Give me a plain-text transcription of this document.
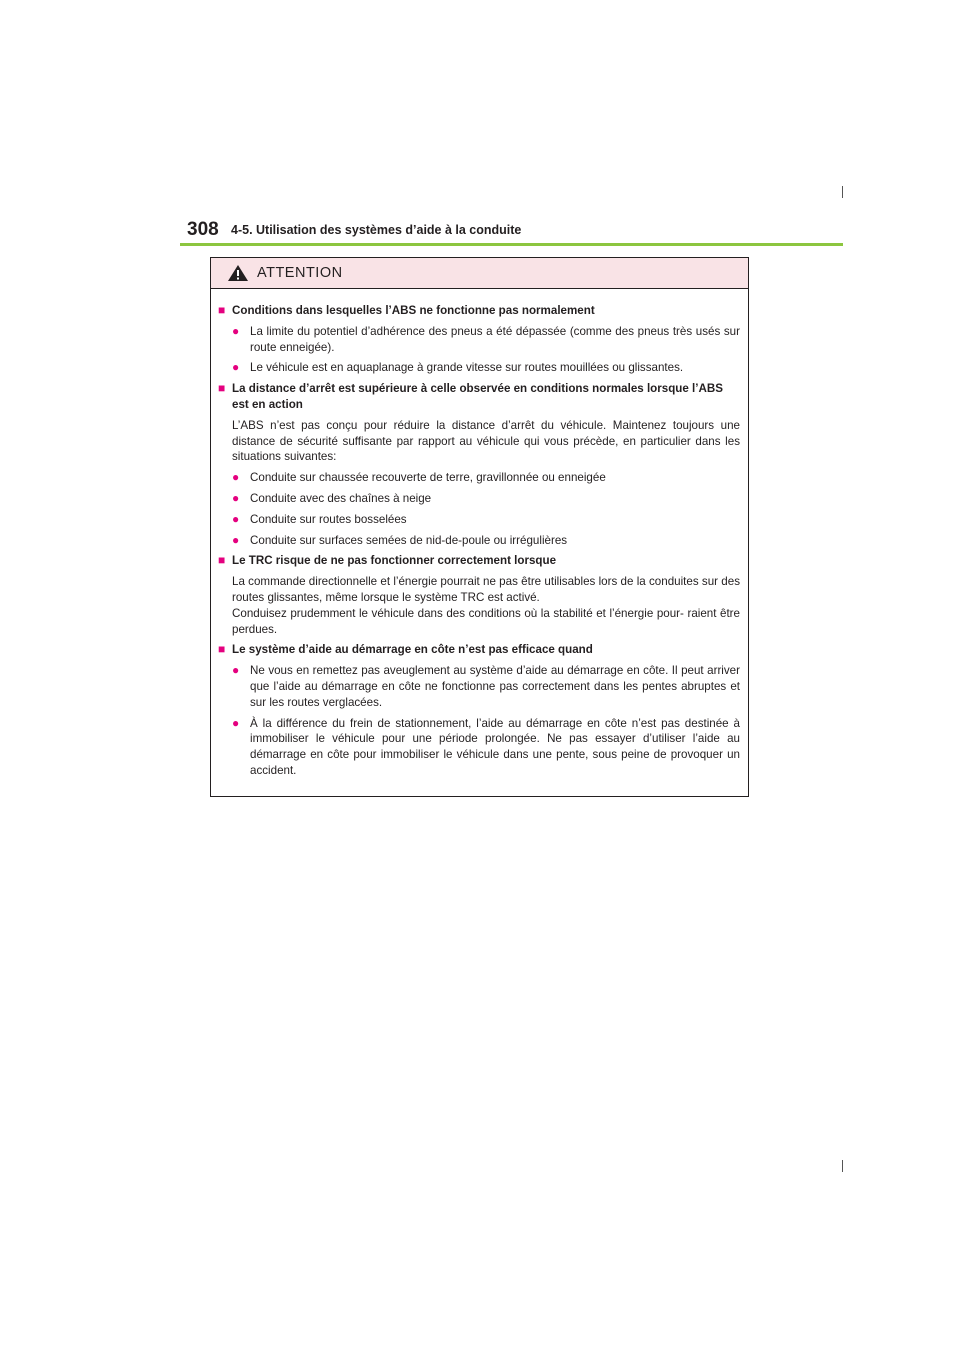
308 4-5. Utilisation des systèmes d’aide à la conduite
ATTENTION
■ Conditions dans lesquelles l’ABS ne fonctionne pas normalement
● La limite du potentiel d’adhérence des pneus a été dépassée (comme des pneus très usés sur route enneigée).
● Le véhicule est en aquaplanage à grande vitesse sur routes mouillées ou glissantes.
■ La distance d’arrêt est supérieure à celle observée en conditions normales lorsque l’ABS est en action
L’ABS n’est pas conçu pour réduire la distance d’arrêt du véhicule. Maintenez toujours une distance de sécurité suffisante par rapport au véhicule qui vous précède, en particulier dans les situations suivantes:
● Conduite sur chaussée recouverte de terre, gravillonnée ou enneigée
● Conduite avec des chaînes à neige
● Conduite sur routes bosselées
● Conduite sur surfaces semées de nid-de-poule ou irrégulières
■ Le TRC risque de ne pas fonctionner correctement lorsque
La commande directionnelle et l’énergie pourrait ne pas être utilisables lors de la conduites sur des routes glissantes, même lorsque le système TRC est activé.
Conduisez prudemment le véhicule dans des conditions où la stabilité et l’énergie pour- raient être perdues.
■ Le système d’aide au démarrage en côte n’est pas efficace quand
● Ne vous en remettez pas aveuglement au système d’aide au démarrage en côte. Il peut arriver que l’aide au démarrage en côte ne fonctionne pas correctement dans les pentes abruptes et sur les routes verglacées.
● À la différence du frein de stationnement, l’aide au démarrage en côte n’est pas destinée à immobiliser le véhicule pour une période prolongée. Ne pas essayer d’utiliser l’aide au démarrage en côte pour immobiliser le véhicule dans une pente, sous peine de provoquer un accident.
